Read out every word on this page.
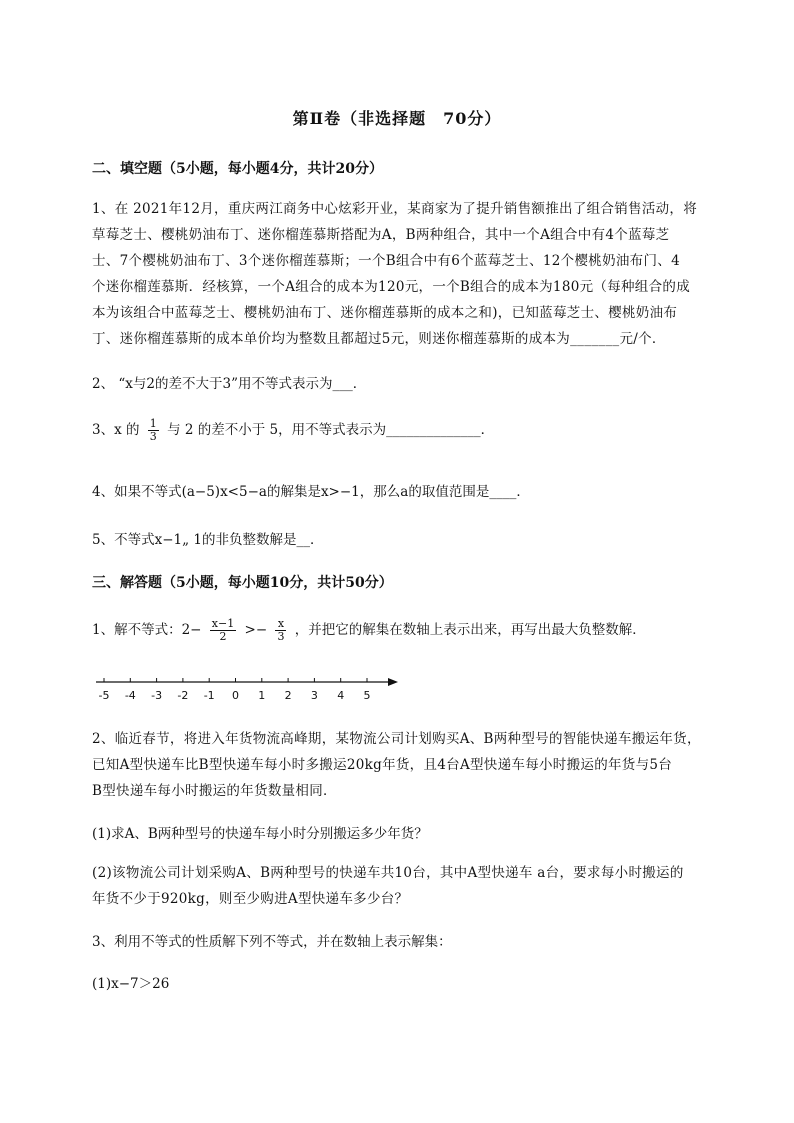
第Ⅱ卷（非选择题　70分）
二、填空题（5小题，每小题4分，共计20分）
1、在 2021年12月，重庆两江商务中心炫彩开业，某商家为了提升销售额推出了组合销售活动，将
草莓芝士、樱桃奶油布丁、迷你榴莲慕斯搭配为A，B两种组合，其中一个A组合中有4个蓝莓芝
士、7个樱桃奶油布丁、3个迷你榴莲慕斯；一个B组合中有6个蓝莓芝士、12个樱桃奶油布门、4
个迷你榴莲慕斯．经核算，一个A组合的成本为120元，一个B组合的成本为180元（每种组合的成
本为该组合中蓝莓芝士、樱桃奶油布丁、迷你榴莲慕斯的成本之和)，已知蓝莓芝士、樱桃奶油布
丁、迷你榴莲慕斯的成本单价均为整数且都超过5元，则迷你榴莲慕斯的成本为_______元/个．
2、 “x与2的差不大于3”用不等式表示为___．
3、x 的 $\frac{1}{3}$ 与 2 的差不小于 5，用不等式表示为______________．
4、如果不等式(a−5)x<5−a的解集是x>−1，那么a的取值范围是____．
5、不等式x−1„ 1的非负整数解是__．
三、解答题（5小题，每小题10分，共计50分）
1、解不等式：$2- \frac{x-1}{2} >- \frac{x}{3}$ ，并把它的解集在数轴上表示出来，再写出最大负整数解．
-5 -4 -3 -2 -1 0 1 2 3 4 5
2、临近春节，将进入年货物流高峰期，某物流公司计划购买A、B两种型号的智能快递车搬运年货，
已知A型快递车比B型快递车每小时多搬运20kg年货，且4台A型快递车每小时搬运的年货与5台
B型快递车每小时搬运的年货数量相同．
(1)求A、B两种型号的快递车每小时分别搬运多少年货？
(2)该物流公司计划采购A、B两种型号的快递车共10台，其中A型快递车 a台，要求每小时搬运的
年货不少于920kg，则至少购进A型快递车多少台？
3、利用不等式的性质解下列不等式，并在数轴上表示解集：
(1)x−7＞26
